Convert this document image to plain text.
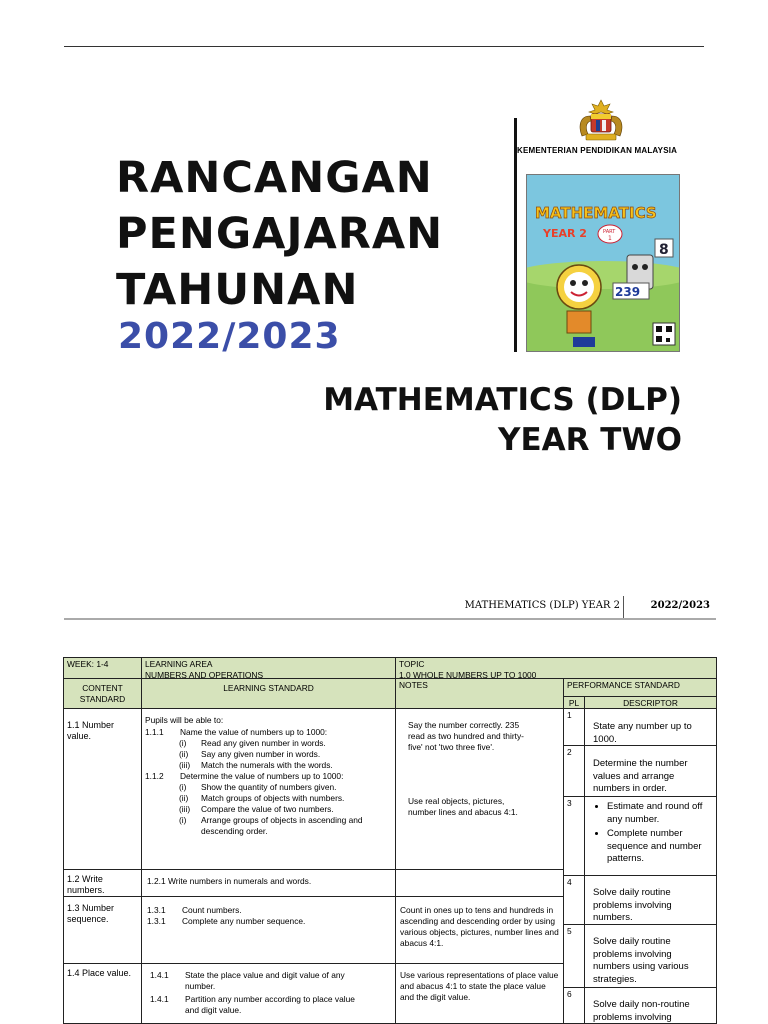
RANCANGAN
PENGAJARAN
TAHUNAN
2022/2023
MATHEMATICS (DLP)
YEAR TWO
KEMENTERIAN PENDIDIKAN MALAYSIA
MATHEMATICS
YEAR 2	PART
1
8
239
MATHEMATICS (DLP) YEAR 2	2022/2023

WEEK: 1-4	LEARNING AREA

NUMBERS AND OPERATIONS

TOPIC

1.0 WHOLE NUMBERS UP TO 1000

CONTENT STANDARD
LEARNING STANDARD	NOTES	PERFORMANCE STANDARD
PL	DESCRIPTOR
1.1 Number value.

Pupils will be able to:

1.1.1	Name the value of numbers up to 1000:
(i)	Read any given number in words.
(ii)	Say any given number in words.
(iii)	Match the numerals with the words.
1.1.2	Determine the value of numbers up to 1000:
(i)	Show the quantity of numbers given.
(ii)	Match groups of objects with numbers.
(iii)	Compare the value of two numbers.
(i)	Arrange groups of objects in ascending and descending order.

Say the number correctly. 235 read as two hundred and thirty-five' not 'two three five'.

Use real objects, pictures, number lines and abacus 4:1.

1.2 Write numbers.
1.2.1 Write numbers in numerals and words.
1.3 Number sequence.
1.3.1	Count numbers.
1.3.1	Complete any number sequence.
Count in ones up to tens and hundreds in ascending and descending order by using various objects, pictures, number lines and abacus 4:1.
1.4 Place value.	1.4.1	State the place value and digit value of any number.
1.4.1	Partition any number according to place value and digit value.
Use various representations of place value and abacus 4:1 to state the place value and the digit value.
1
State any number up to 1000.
2
Determine the number values and arrange numbers in order.
3
•	Estimate and round off any number.
• Complete number sequence and number patterns.
4
Solve daily routine problems involving numbers.
5
Solve daily routine problems involving numbers using various strategies.
6
Solve daily non-routine problems involving
